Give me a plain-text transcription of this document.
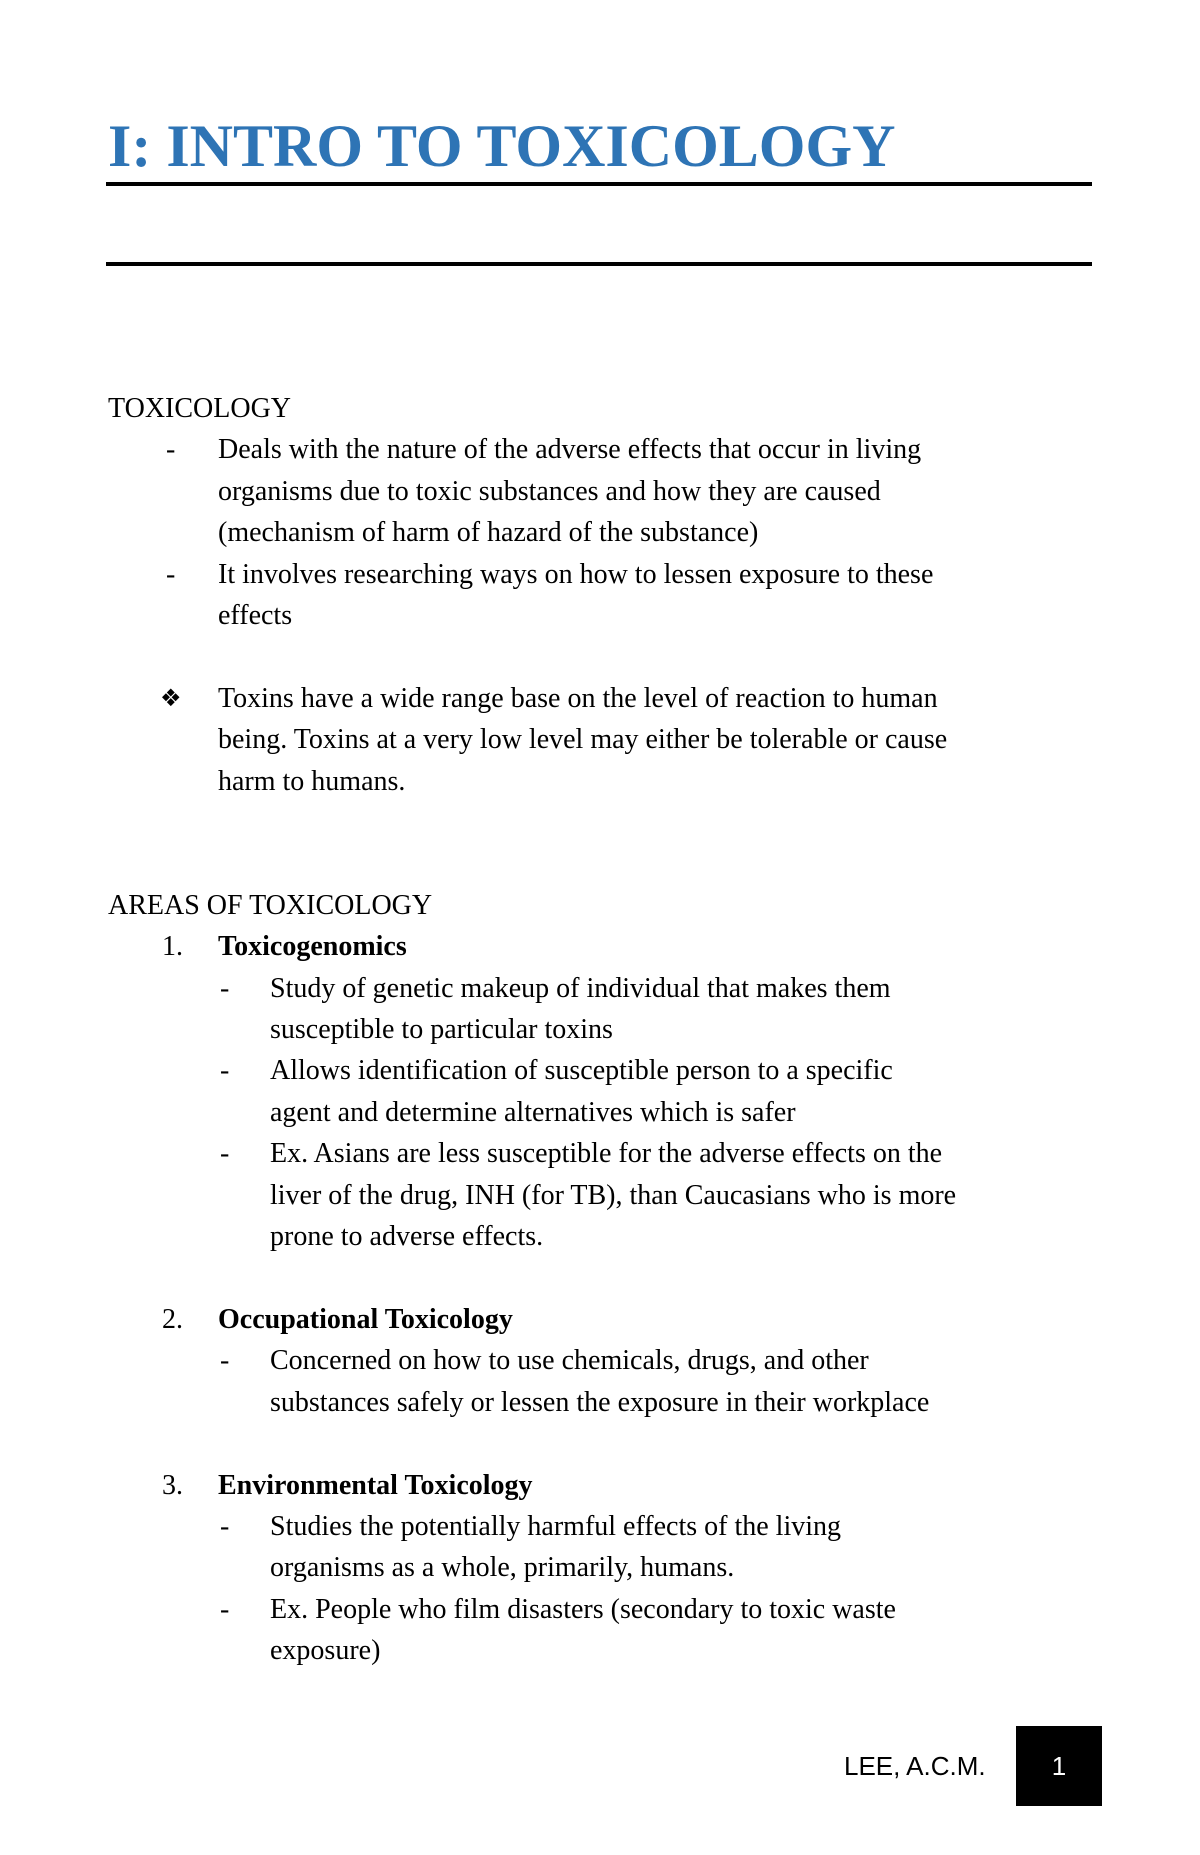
I: INTRO TO TOXICOLOGY
TOXICOLOGY
- Deals with the nature of the adverse effects that occur in living
organisms due to toxic substances and how they are caused
(mechanism of harm of hazard of the substance)
- It involves researching ways on how to lessen exposure to these
effects
❖ Toxins have a wide range base on the level of reaction to human
being. Toxins at a very low level may either be tolerable or cause
harm to humans.
AREAS OF TOXICOLOGY
1. Toxicogenomics
- Study of genetic makeup of individual that makes them
susceptible to particular toxins
- Allows identification of susceptible person to a specific
agent and determine alternatives which is safer
- Ex. Asians are less susceptible for the adverse effects on the
liver of the drug, INH (for TB), than Caucasians who is more
prone to adverse effects.
2. Occupational Toxicology
- Concerned on how to use chemicals, drugs, and other
substances safely or lessen the exposure in their workplace
3. Environmental Toxicology
- Studies the potentially harmful effects of the living
organisms as a whole, primarily, humans.
- Ex. People who film disasters (secondary to toxic waste
exposure)
LEE, A.C.M.	1
